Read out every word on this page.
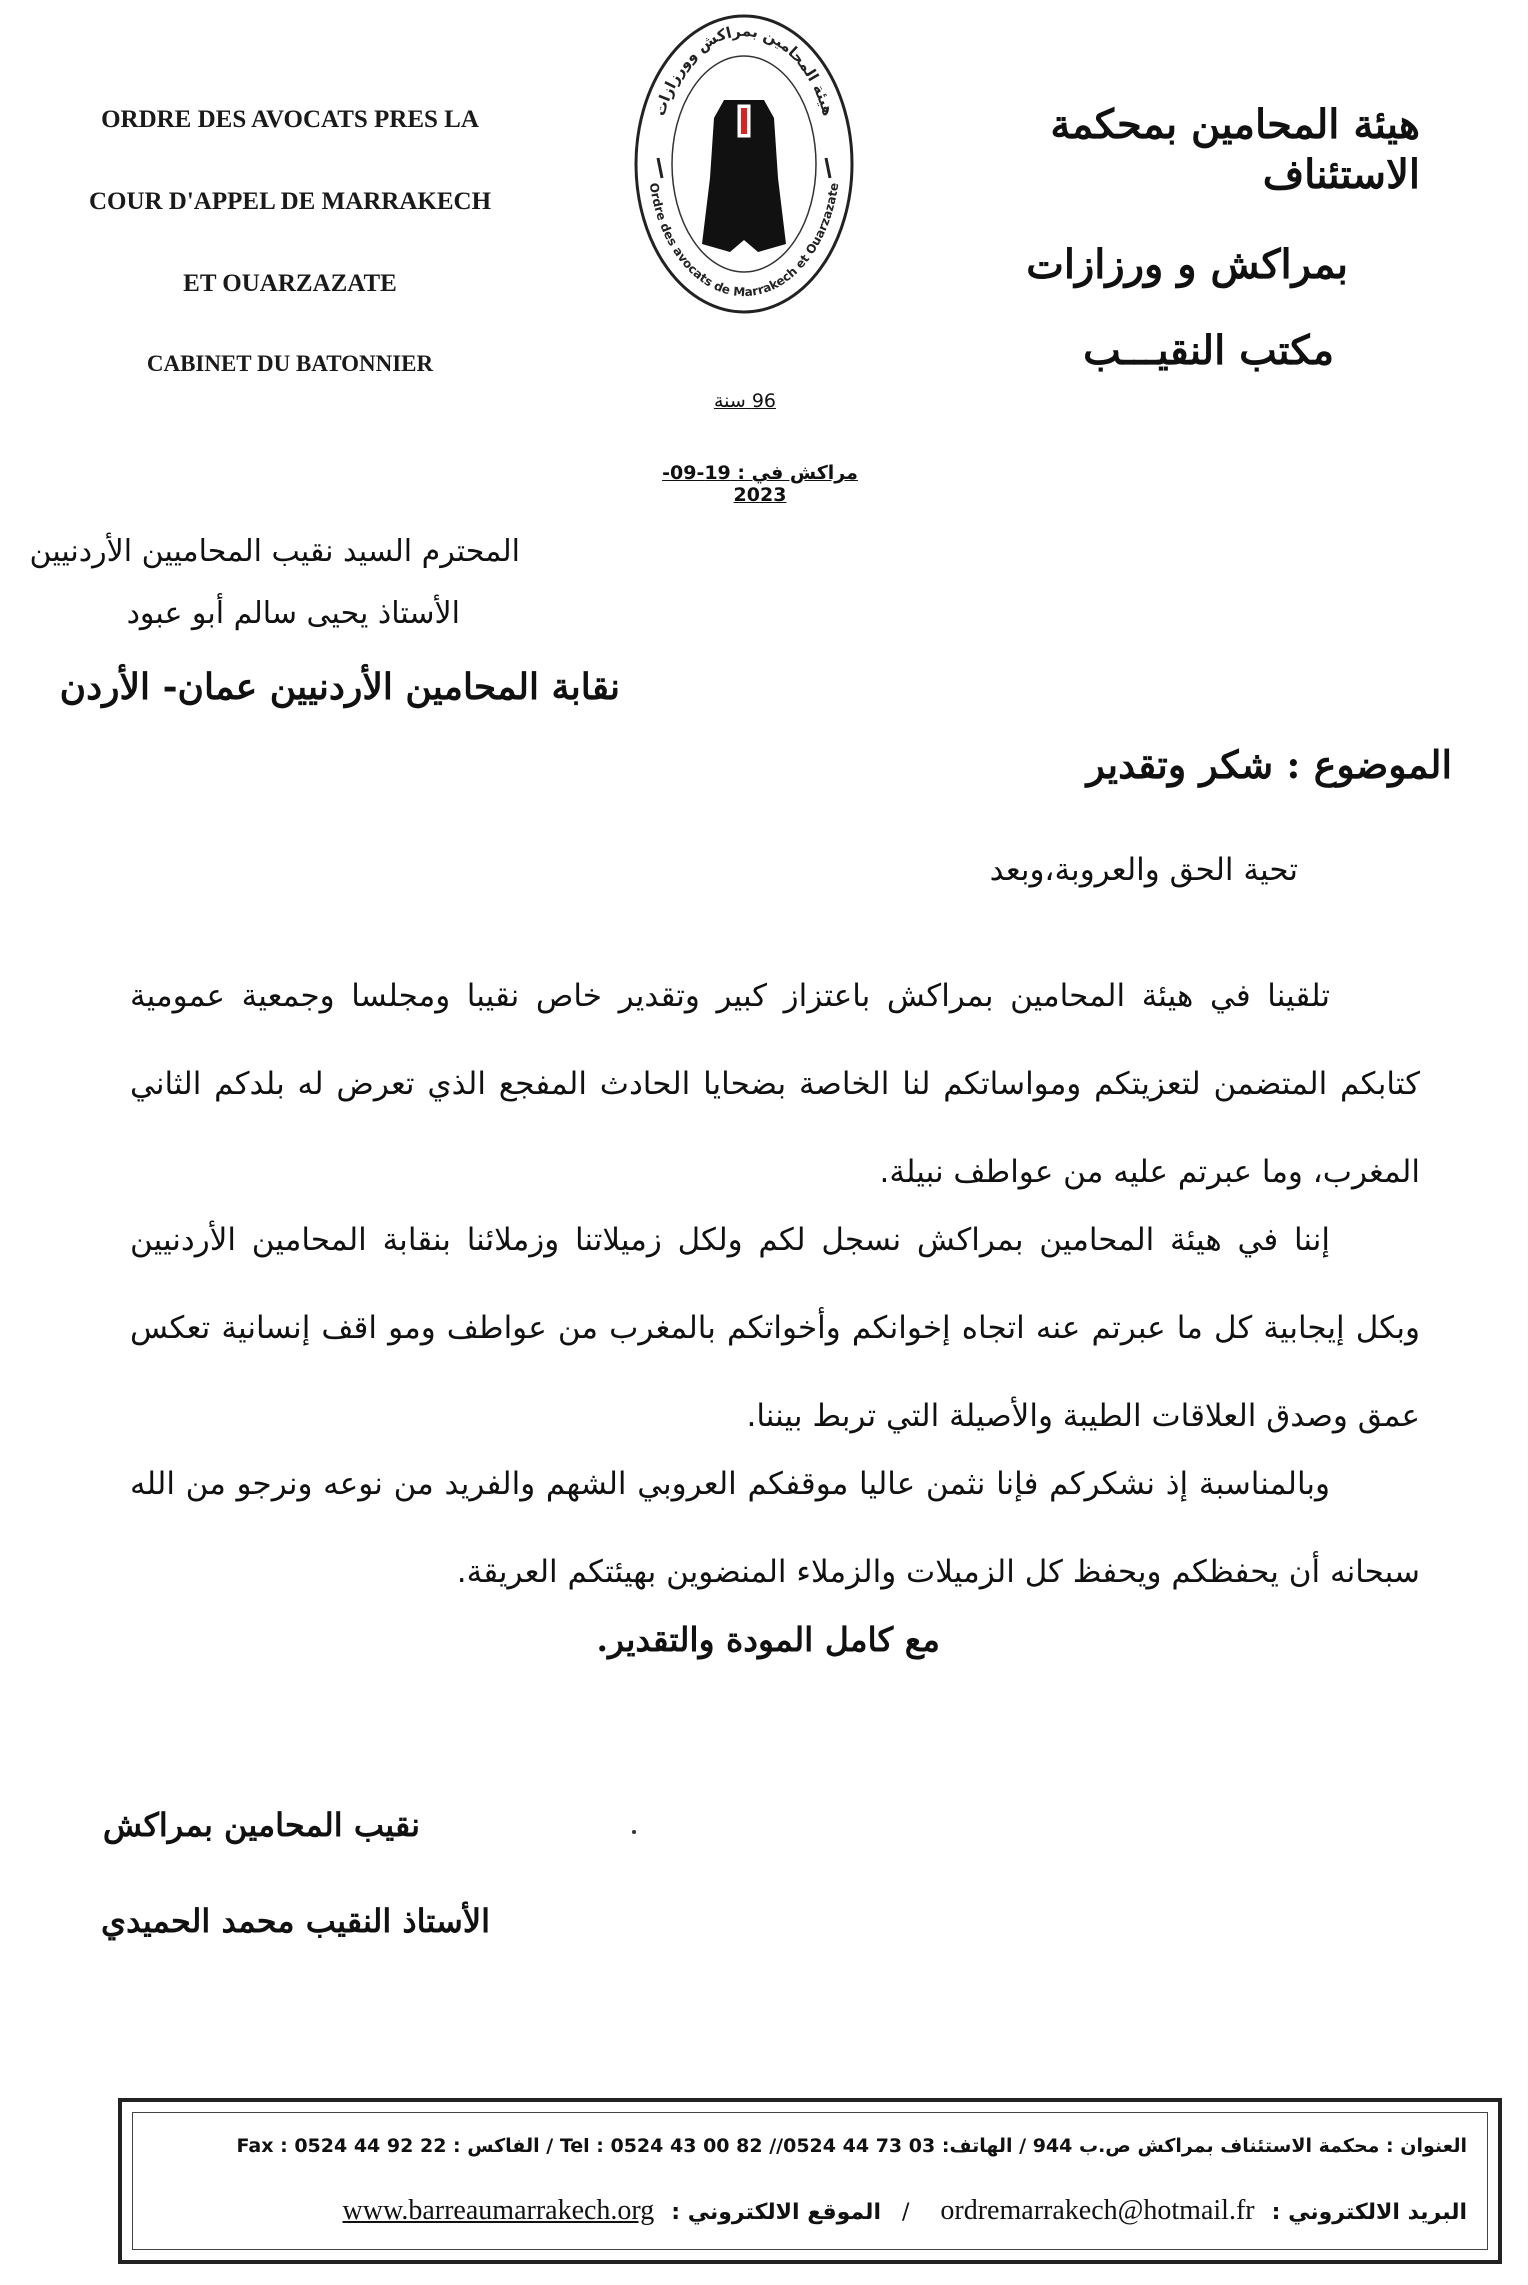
ORDRE DES AVOCATS PRES LA
COUR D'APPEL DE MARRAKECH
ET OUARZAZATE
CABINET DU BATONNIER
هيئة المحامين بمراكش وورزازات
Ordre des avocats de Marrakech et Ouarzazate
هيئة المحامين بمحكمة الاستئناف
بمراكش و ورزازات
مكتب النقيـــب
96 سنة
مراكش في : 19-09-2023
المحترم السيد نقيب المحاميين الأردنيين
الأستاذ يحيى سالم أبو عبود
نقابة المحامين الأردنيين عمان- الأردن
الموضوع : شكر وتقدير
تحية الحق والعروبة،وبعد
تلقينا في هيئة المحامين بمراكش باعتزاز كبير وتقدير خاص نقيبا ومجلسا وجمعية عمومية كتابكم المتضمن لتعزيتكم ومواساتكم لنا الخاصة بضحايا الحادث المفجع الذي تعرض له بلدكم الثاني المغرب، وما عبرتم عليه من عواطف نبيلة.
إننا في هيئة المحامين بمراكش نسجل لكم ولكل زميلاتنا وزملائنا بنقابة المحامين الأردنيين وبكل إيجابية كل ما عبرتم عنه اتجاه إخوانكم وأخواتكم بالمغرب من عواطف ومو اقف إنسانية تعكس عمق وصدق العلاقات الطيبة والأصيلة التي تربط بيننا.
وبالمناسبة إذ نشكركم فإنا نثمن عاليا موقفكم العروبي الشهم والفريد من نوعه ونرجو من الله سبحانه أن يحفظكم ويحفظ كل الزميلات والزملاء المنضوين بهيئتكم العريقة.
مع كامل المودة والتقدير.
نقيب المحامين بمراكش
الأستاذ النقيب محمد الحميدي
العنوان : محكمة الاستئناف بمراكش ص.ب 944 / الهاتف: 03 73 44 0524// 82 00 43 0524 : Tel / الفاكس : 22 92 44 0524 : Fax
البريد الالكتروني : ordremarrakech@hotmail.fr / الموقع الالكتروني : www.barreaumarrakech.org
